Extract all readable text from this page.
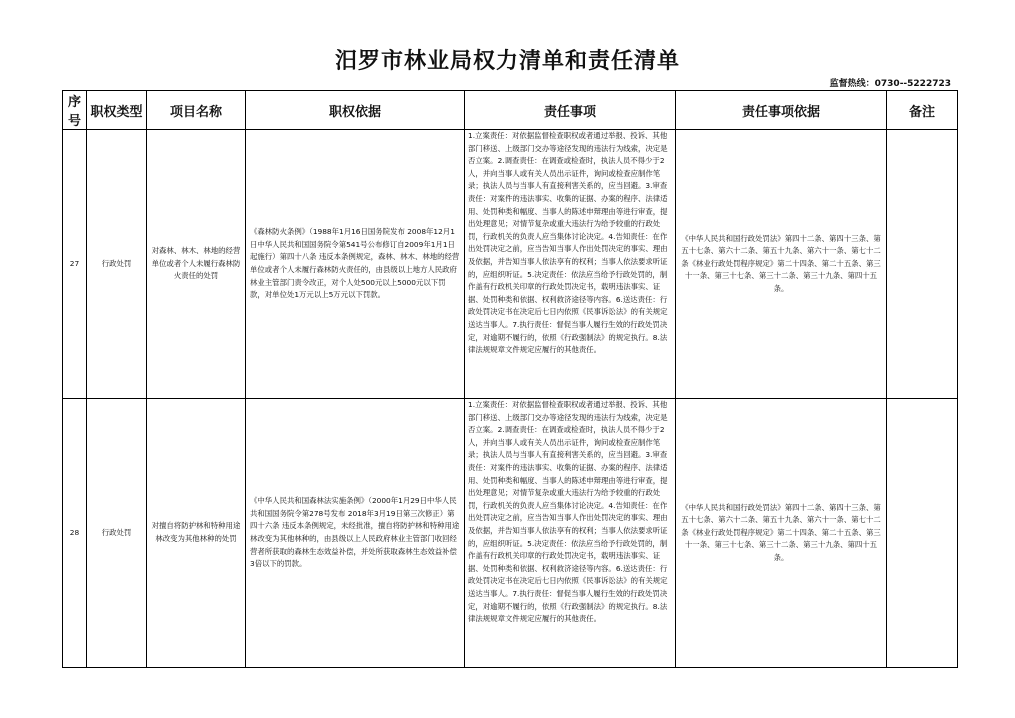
汨罗市林业局权力清单和责任清单
监督热线：0730--5222723
序号	职权类型	项目名称	职权依据	责任事项	责任事项依据	备注
27	行政处罚	对森林、林木、林地的经营单位或者个人未履行森林防火责任的处罚	《森林防火条例》（1988年1月16日国务院发布 2008年12月1日中华人民共和国国务院令第541号公布修订自2009年1月1日起施行）第四十八条 违反本条例规定，森林、林木、林地的经营单位或者个人未履行森林防火责任的，由县级以上地方人民政府林业主管部门责令改正，对个人处500元以上5000元以下罚款，对单位处1万元以上5万元以下罚款。	1.立案责任：对依据监督检查职权或者通过举报、投诉、其他部门移送、上级部门交办等途径发现的违法行为线索，决定是否立案。2.调查责任：在调查或检查时，执法人员不得少于2人，并向当事人或有关人员出示证件，询问或检查应制作笔录；执法人员与当事人有直接利害关系的，应当回避。3.审查责任：对案件的违法事实、收集的证据、办案的程序、法律适用、处罚种类和幅度、当事人的陈述申辩理由等进行审查，提出处理意见；对情节复杂或重大违法行为给予较重的行政处罚，行政机关的负责人应当集体讨论决定。4.告知责任：在作出处罚决定之前，应当告知当事人作出处罚决定的事实、理由及依据，并告知当事人依法享有的权利；当事人依法要求听证的，应组织听证。5.决定责任：依法应当给予行政处罚的，制作盖有行政机关印章的行政处罚决定书，载明违法事实、证据、处罚种类和依据、权利救济途径等内容。6.送达责任：行政处罚决定书在决定后七日内依照《民事诉讼法》的有关规定送达当事人。7.执行责任：督促当事人履行生效的行政处罚决定，对逾期不履行的，依照《行政强制法》的规定执行。8.法律法规规章文件规定应履行的其他责任。	《中华人民共和国行政处罚法》第四十二条、第四十三条、第五十七条、第六十二条、第五十九条、第六十一条、第七十二条《林业行政处罚程序规定》第二十四条、第二十五条、第三十一条、第三十七条、第三十二条、第三十九条、第四十五条。	
28	行政处罚	对擅自将防护林和特种用途林改变为其他林种的处罚	《中华人民共和国森林法实施条例》（2000年1月29日中华人民共和国国务院令第278号发布 2018年3月19日第三次修正）第四十六条 违反本条例规定，未经批准，擅自将防护林和特种用途林改变为其他林种的，由县级以上人民政府林业主管部门收回经营者所获取的森林生态效益补偿，并处所获取森林生态效益补偿3倍以下的罚款。	1.立案责任：对依据监督检查职权或者通过举报、投诉、其他部门移送、上级部门交办等途径发现的违法行为线索，决定是否立案。2.调查责任：在调查或检查时，执法人员不得少于2人，并向当事人或有关人员出示证件，询问或检查应制作笔录；执法人员与当事人有直接利害关系的，应当回避。3.审查责任：对案件的违法事实、收集的证据、办案的程序、法律适用、处罚种类和幅度、当事人的陈述申辩理由等进行审查，提出处理意见；对情节复杂或重大违法行为给予较重的行政处罚，行政机关的负责人应当集体讨论决定。4.告知责任：在作出处罚决定之前，应当告知当事人作出处罚决定的事实、理由及依据，并告知当事人依法享有的权利；当事人依法要求听证的，应组织听证。5.决定责任：依法应当给予行政处罚的，制作盖有行政机关印章的行政处罚决定书，载明违法事实、证据、处罚种类和依据、权利救济途径等内容。6.送达责任：行政处罚决定书在决定后七日内依照《民事诉讼法》的有关规定送达当事人。7.执行责任：督促当事人履行生效的行政处罚决定，对逾期不履行的，依照《行政强制法》的规定执行。8.法律法规规章文件规定应履行的其他责任。	《中华人民共和国行政处罚法》第四十二条、第四十三条、第五十七条、第六十二条、第五十九条、第六十一条、第七十二条《林业行政处罚程序规定》第二十四条、第二十五条、第三十一条、第三十七条、第三十二条、第三十九条、第四十五条。	
